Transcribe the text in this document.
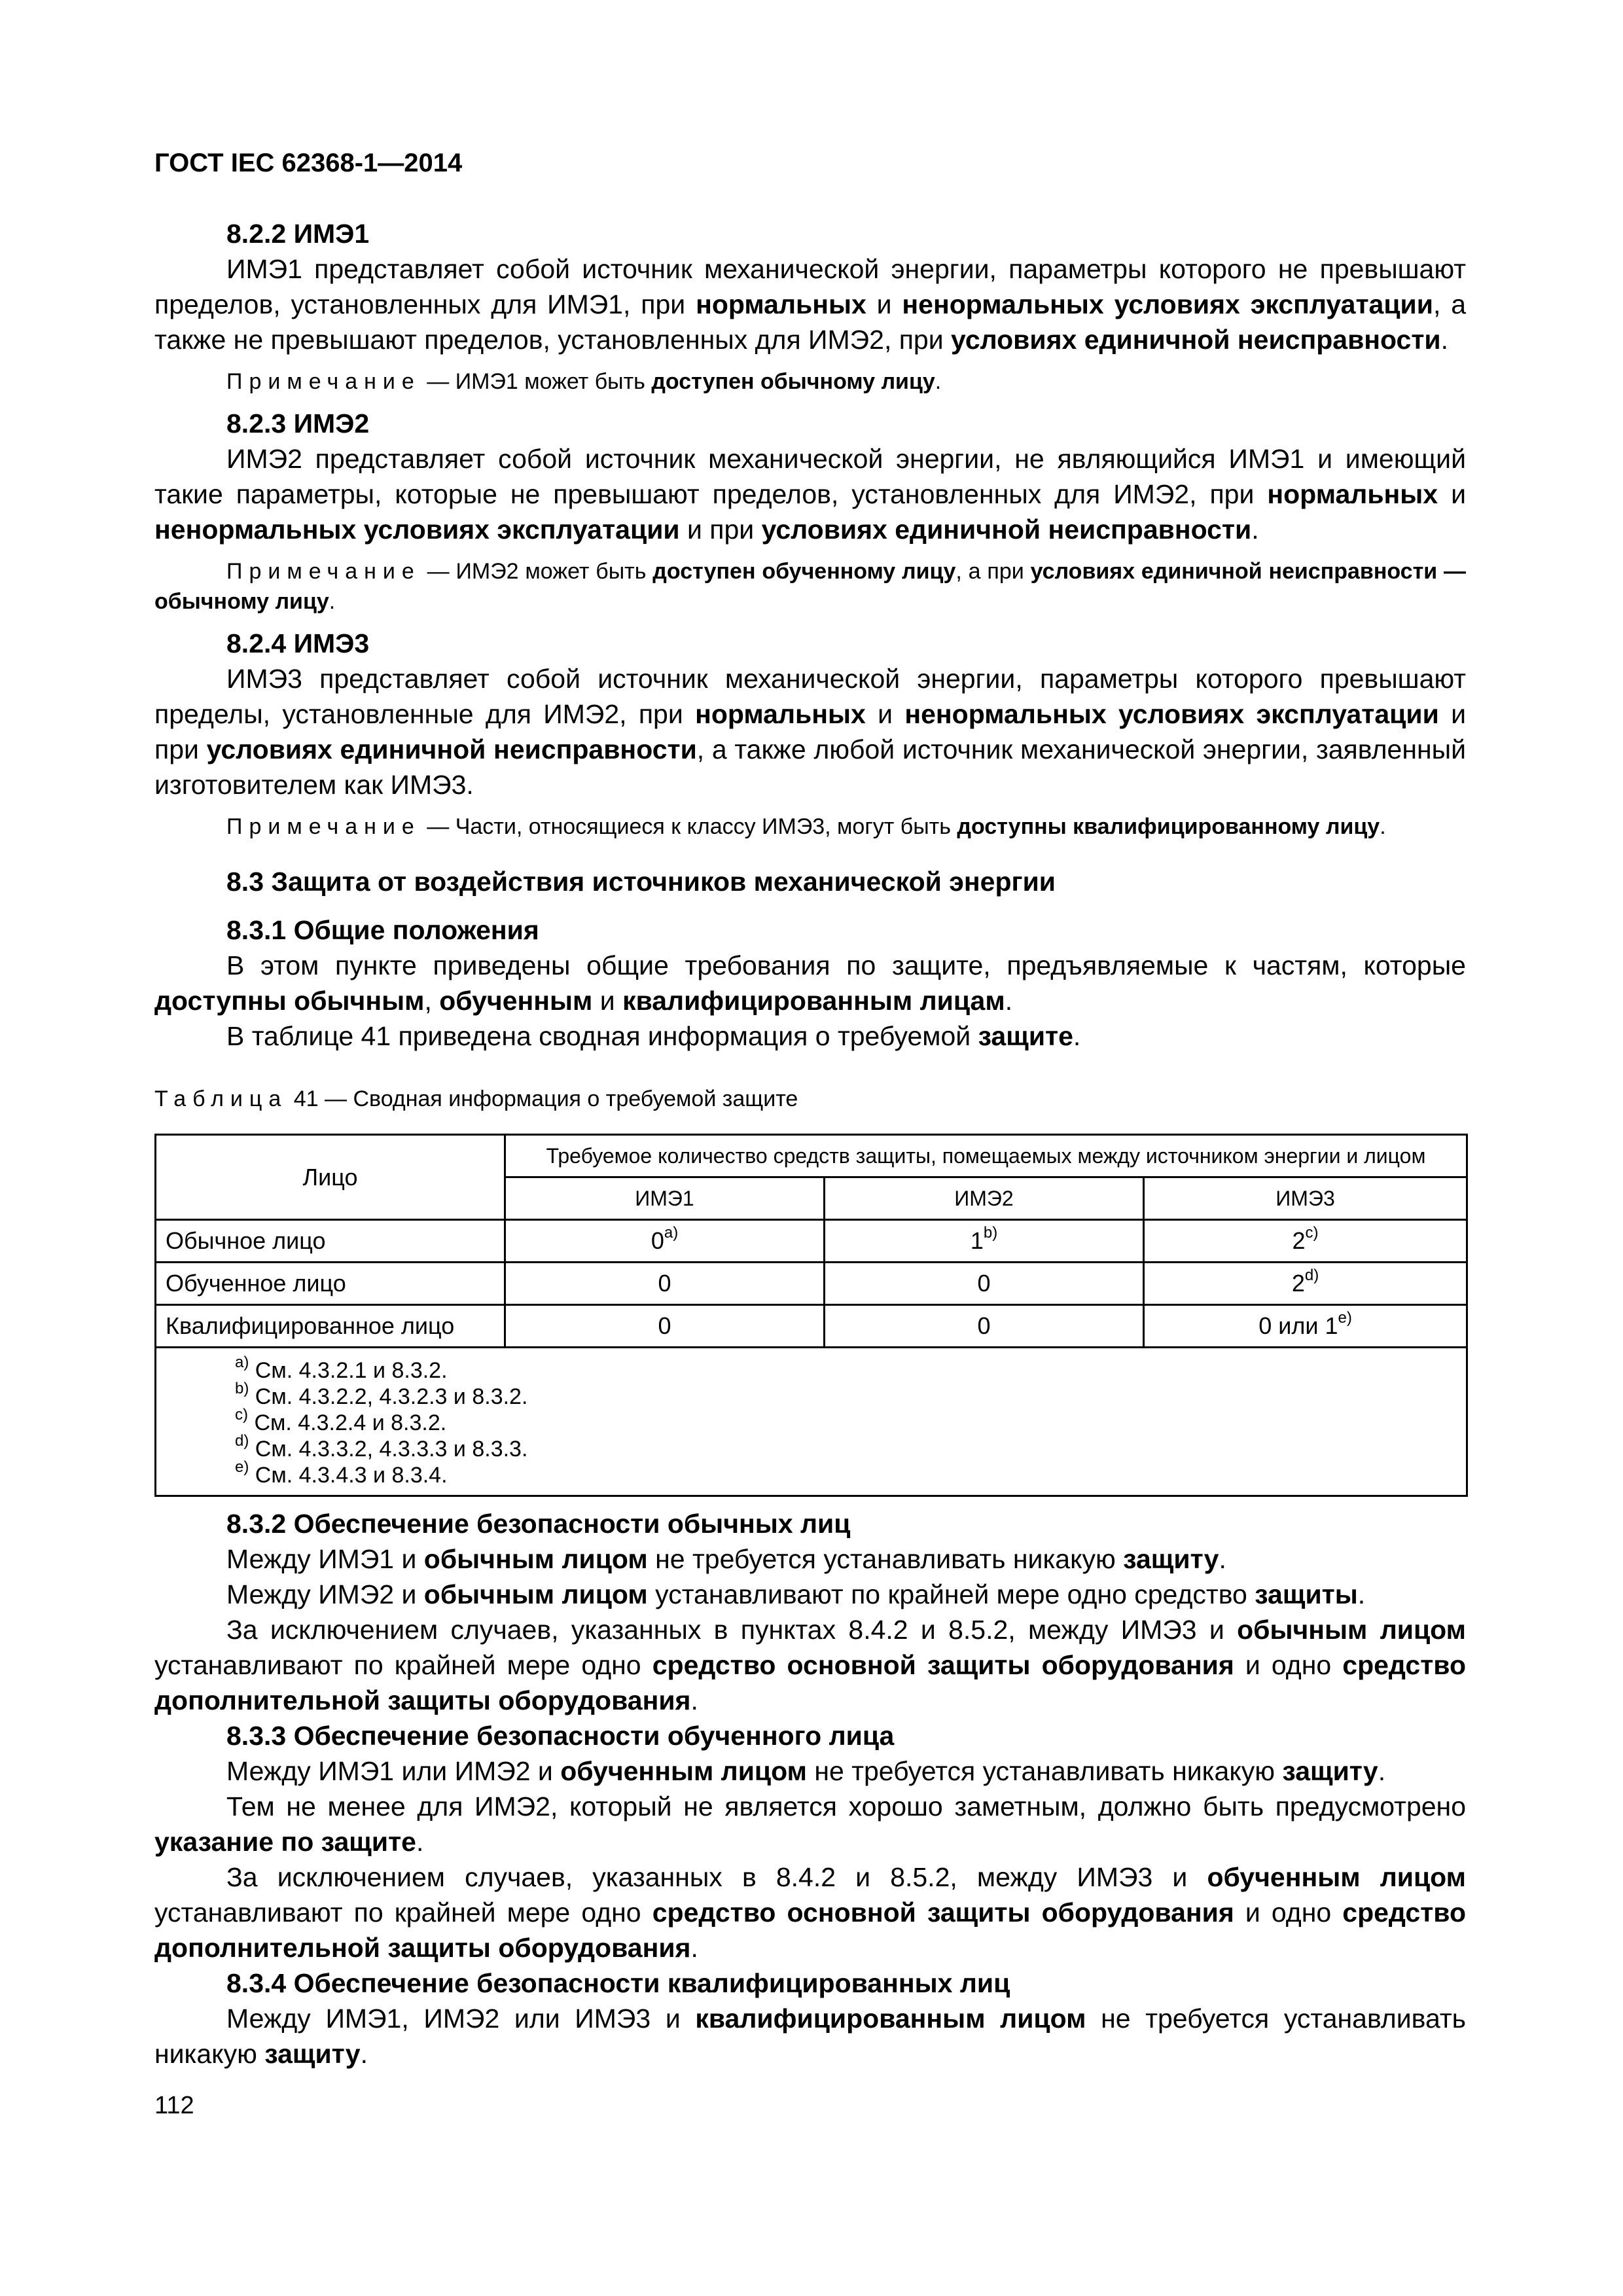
ГОСТ IEC 62368-1—2014

8.2.2 ИМЭ1

ИМЭ1 представляет собой источник механической энергии, параметры которого не превышают пределов, установленных для ИМЭ1, при нормальных и ненормальных условиях эксплуатации, а также не превышают пределов, установленных для ИМЭ2, при условиях единичной неисправности.

Примечание — ИМЭ1 может быть доступен обычному лицу.

8.2.3 ИМЭ2

ИМЭ2 представляет собой источник механической энергии, не являющийся ИМЭ1 и имеющий такие параметры, которые не превышают пределов, установленных для ИМЭ2, при нормальных и ненормальных условиях эксплуатации и при условиях единичной неисправности.

Примечание — ИМЭ2 может быть доступен обученному лицу, а при условиях единичной неисправности — обычному лицу.

8.2.4 ИМЭ3

ИМЭ3 представляет собой источник механической энергии, параметры которого превышают пределы, установленные для ИМЭ2, при нормальных и ненормальных условиях эксплуатации и при условиях единичной неисправности, а также любой источник механической энергии, заявленный изготовителем как ИМЭ3.

Примечание — Части, относящиеся к классу ИМЭ3, могут быть доступны квалифицированному лицу.

8.3 Защита от воздействия источников механической энергии

8.3.1 Общие положения

В этом пункте приведены общие требования по защите, предъявляемые к частям, которые доступны обычным, обученным и квалифицированным лицам.

В таблице 41 приведена сводная информация о требуемой защите.

Таблица 41 — Сводная информация о требуемой защите
Лицо	Требуемое количество средств защиты, помещаемых между источником энергии и лицом		
	ИМЭ1	ИМЭ2	ИМЭ3
Обычное лицо	0$^{a)}$	1$^{b)}$	2$^{c)}$
Обученное лицо	0	0	2$^{d)}$
Квалифицированное лицо	0	0	0 или 1$^{e)}$

$^{a)}$ См. 4.3.2.1 и 8.3.2.
$^{b)}$ См. 4.3.2.2, 4.3.2.3 и 8.3.2.
$^{c)}$ См. 4.3.2.4 и 8.3.2.
$^{d)}$ См. 4.3.3.2, 4.3.3.3 и 8.3.3.
$^{e)}$ См. 4.3.4.3 и 8.3.4.			

8.3.2 Обеспечение безопасности обычных лиц

Между ИМЭ1 и обычным лицом не требуется устанавливать никакую защиту.

Между ИМЭ2 и обычным лицом устанавливают по крайней мере одно средство защиты.

За исключением случаев, указанных в пунктах 8.4.2 и 8.5.2, между ИМЭ3 и обычным лицом устанавливают по крайней мере одно средство основной защиты оборудования и одно средство дополнительной защиты оборудования.

8.3.3 Обеспечение безопасности обученного лица

Между ИМЭ1 или ИМЭ2 и обученным лицом не требуется устанавливать никакую защиту.

Тем не менее для ИМЭ2, который не является хорошо заметным, должно быть предусмотрено указание по защите.

За исключением случаев, указанных в 8.4.2 и 8.5.2, между ИМЭ3 и обученным лицом устанавливают по крайней мере одно средство основной защиты оборудования и одно средство дополнительной защиты оборудования.

8.3.4 Обеспечение безопасности квалифицированных лиц

Между ИМЭ1, ИМЭ2 или ИМЭ3 и квалифицированным лицом не требуется устанавливать никакую защиту.

112
